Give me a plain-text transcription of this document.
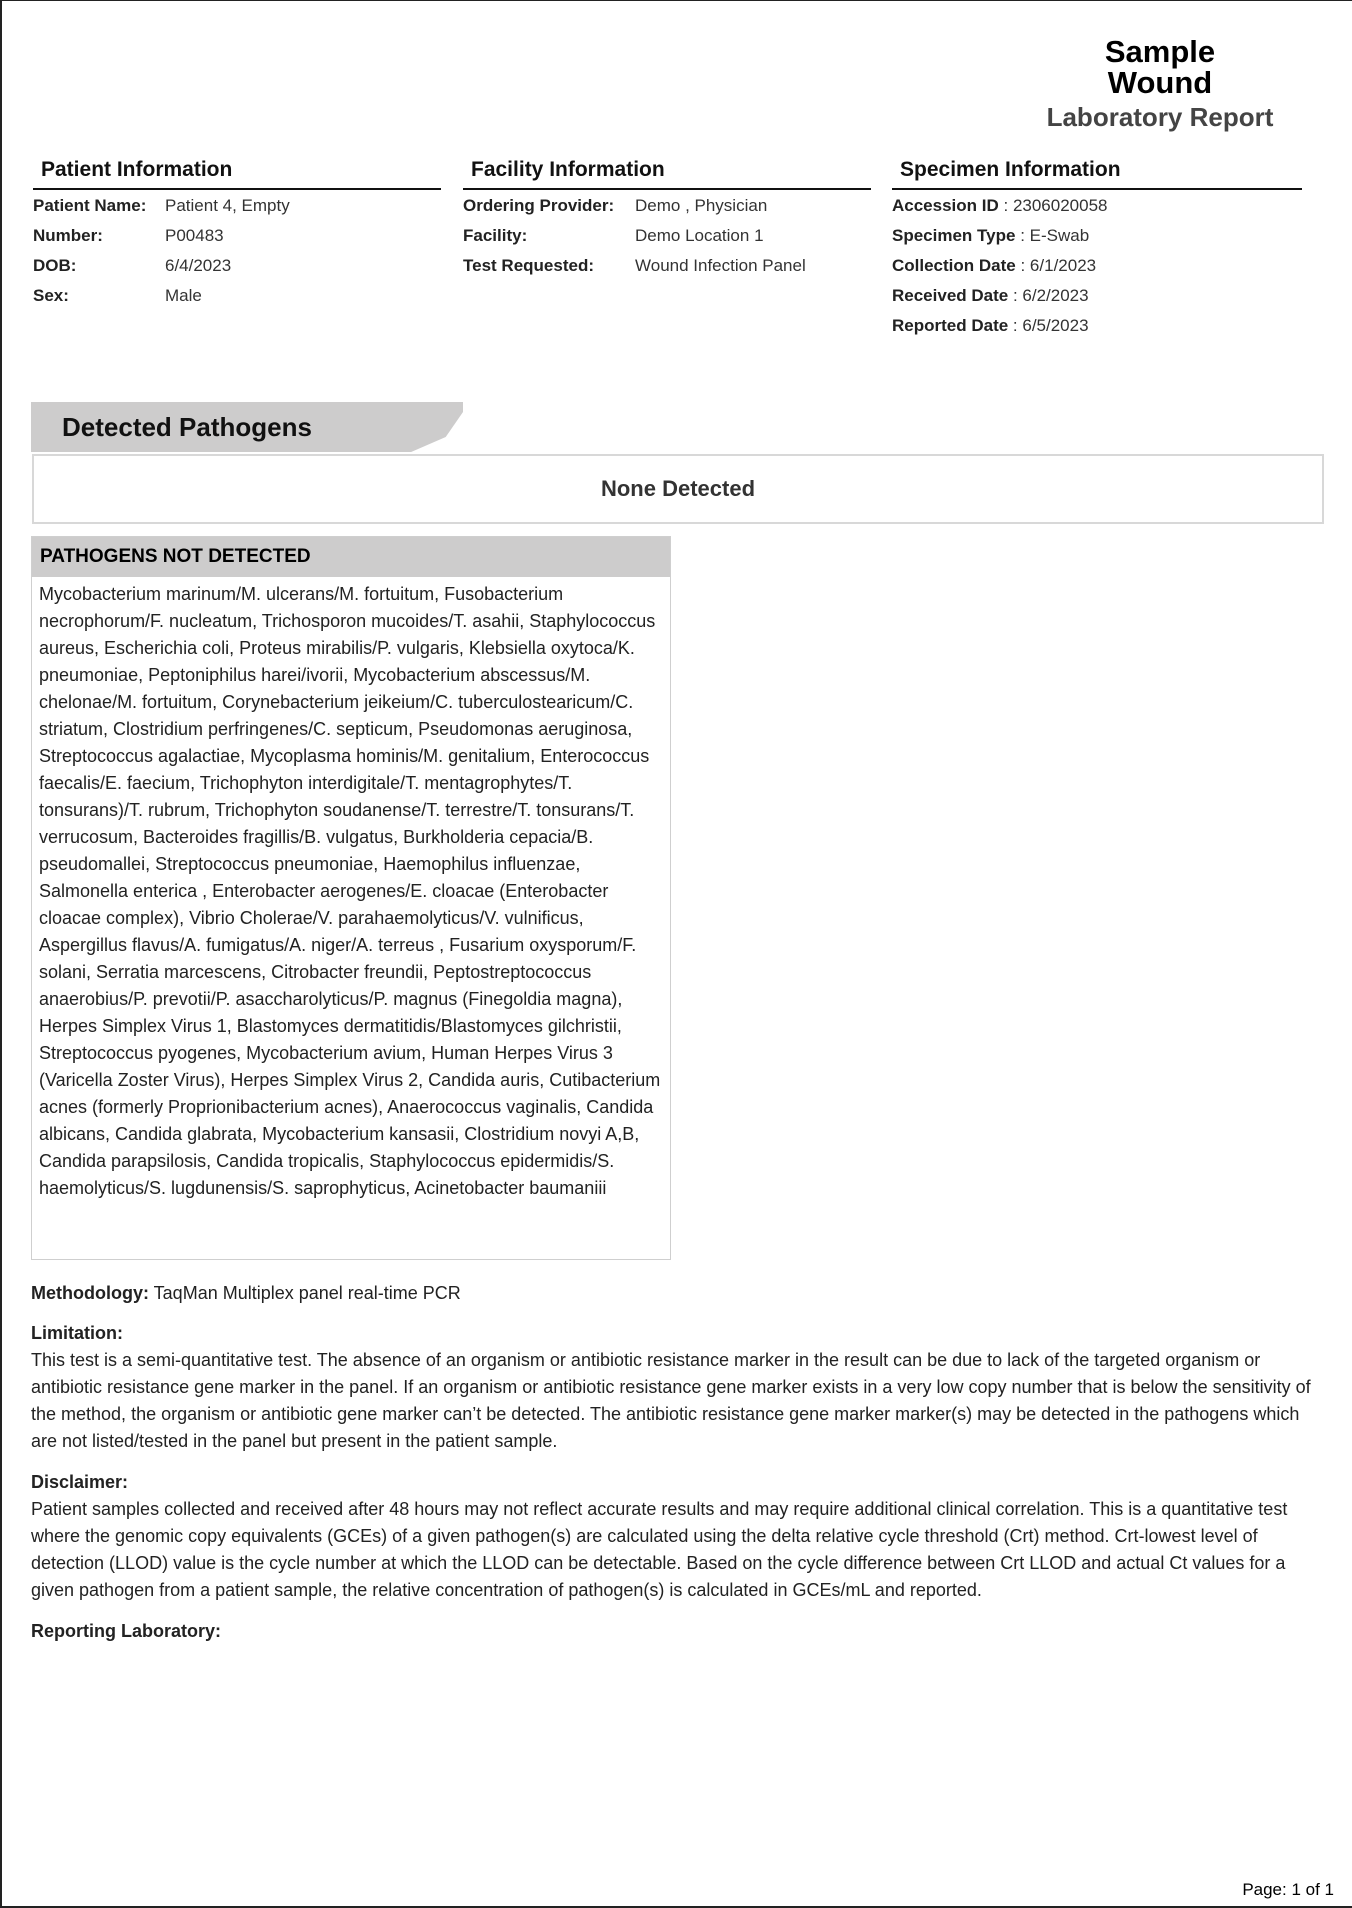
Sample
Wound
Laboratory Report
Patient Information
Patient Name:	Patient 4, Empty
Number:	P00483
DOB:	6/4/2023
Sex:	Male
Facility Information
Ordering Provider:	Demo , Physician
Facility:	Demo Location 1
Test Requested:	Wound Infection Panel
Specimen Information
Accession ID
: 2306020058
Specimen Type
: E-Swab
Collection Date
: 6/1/2023
Received Date
: 6/2/2023
Reported Date
: 6/5/2023
Detected Pathogens
None Detected
PATHOGENS NOT DETECTED
Mycobacterium marinum/M. ulcerans/M. fortuitum, Fusobacterium necrophorum/F. nucleatum, Trichosporon mucoides/T. asahii, Staphylococcus aureus, Escherichia coli, Proteus mirabilis/P. vulgaris, Klebsiella oxytoca/K. pneumoniae, Peptoniphilus harei/ivorii, Mycobacterium abscessus/M. chelonae/M. fortuitum, Corynebacterium jeikeium/C. tuberculostearicum/C. striatum, Clostridium perfringenes/C. septicum, Pseudomonas aeruginosa, Streptococcus agalactiae, Mycoplasma hominis/M. genitalium, Enterococcus faecalis/E. faecium, Trichophyton interdigitale/T. mentagrophytes/T. tonsurans)/T. rubrum, Trichophyton soudanense/T. terrestre/T. tonsurans/T. verrucosum, Bacteroides fragillis/B. vulgatus, Burkholderia cepacia/B. pseudomallei, Streptococcus pneumoniae, Haemophilus influenzae, Salmonella enterica , Enterobacter aerogenes/E. cloacae (Enterobacter cloacae complex), Vibrio Cholerae/V. parahaemolyticus/V. vulnificus, Aspergillus flavus/A. fumigatus/A. niger/A. terreus , Fusarium oxysporum/F. solani, Serratia marcescens, Citrobacter freundii, Peptostreptococcus anaerobius/P. prevotii/P. asaccharolyticus/P. magnus (Finegoldia magna), Herpes Simplex Virus 1, Blastomyces dermatitidis/Blastomyces gilchristii, Streptococcus pyogenes, Mycobacterium avium, Human Herpes Virus 3 (Varicella Zoster Virus), Herpes Simplex Virus 2, Candida auris, Cutibacterium acnes (formerly Proprionibacterium acnes), Anaerococcus vaginalis, Candida albicans, Candida glabrata, Mycobacterium kansasii, Clostridium novyi A,B, Candida parapsilosis, Candida tropicalis, Staphylococcus epidermidis/S. haemolyticus/S. lugdunensis/S. saprophyticus, Acinetobacter baumaniii
Methodology: TaqMan Multiplex panel real-time PCR
Limitation:
This test is a semi-quantitative test. The absence of an organism or antibiotic resistance marker in the result can be due to lack of the targeted organism or antibiotic resistance gene marker in the panel. If an organism or antibiotic resistance gene marker exists in a very low copy number that is below the sensitivity of the method, the organism or antibiotic gene marker can’t be detected. The antibiotic resistance gene marker marker(s) may be detected in the pathogens which are not listed/tested in the panel but present in the patient sample.
Disclaimer:
Patient samples collected and received after 48 hours may not reflect accurate results and may require additional clinical correlation. This is a quantitative test where the genomic copy equivalents (GCEs) of a given pathogen(s) are calculated using the delta relative cycle threshold (Crt) method. Crt-lowest level of detection (LLOD) value is the cycle number at which the LLOD can be detectable. Based on the cycle difference between Crt LLOD and actual Ct values for a given pathogen from a patient sample, the relative concentration of pathogen(s) is calculated in GCEs/mL and reported.
Reporting Laboratory:
Page: 1 of 1
